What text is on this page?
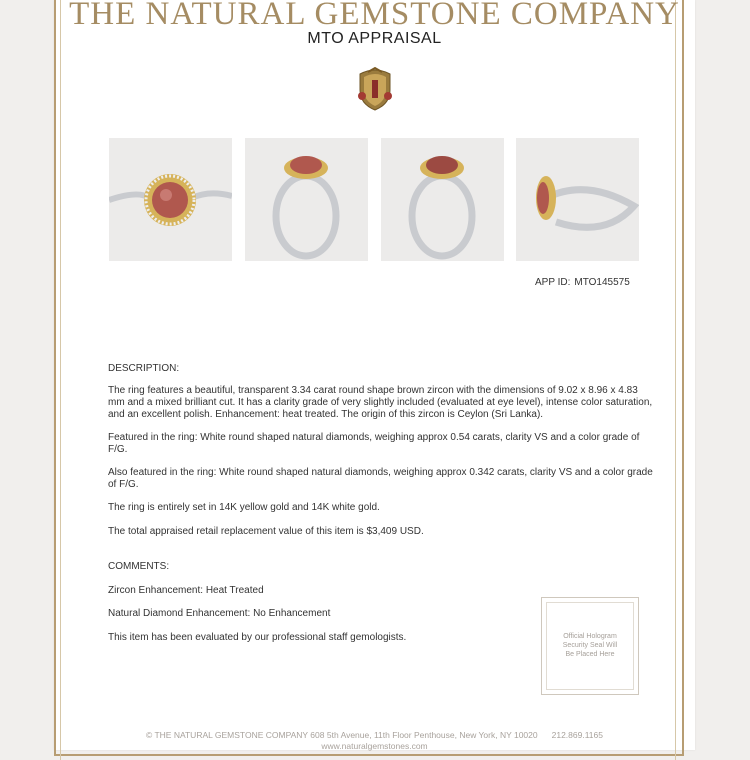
THE NATURAL GEMSTONE COMPANY
MTO APPRAISAL
APP ID: MTO145575
DESCRIPTION:
The ring features a beautiful, transparent 3.34 carat round shape brown zircon with the dimensions of 9.02 x 8.96 x 4.83 mm and a mixed brilliant cut. It has a clarity grade of very slightly included (evaluated at eye level), intense color saturation, and an excellent polish. Enhancement: heat treated. The origin of this zircon is Ceylon (Sri Lanka).
Featured in the ring: White round shaped natural diamonds, weighing approx 0.54 carats, clarity VS and a color grade of F/G.
Also featured in the ring: White round shaped natural diamonds, weighing approx 0.342 carats, clarity VS and a color grade of F/G.
The ring is entirely set in 14K yellow gold and 14K white gold.
The total appraised retail replacement value of this item is $3,409 USD.
COMMENTS:
Zircon Enhancement: Heat Treated
Natural Diamond Enhancement: No Enhancement
This item has been evaluated by our professional staff gemologists.	Official Hologram
Security Seal Will
Be Placed Here
© THE NATURAL GEMSTONE COMPANY 608 5th Avenue, 11th Floor Penthouse, New York, NY 10020 212.869.1165
www.naturalgemstones.com
